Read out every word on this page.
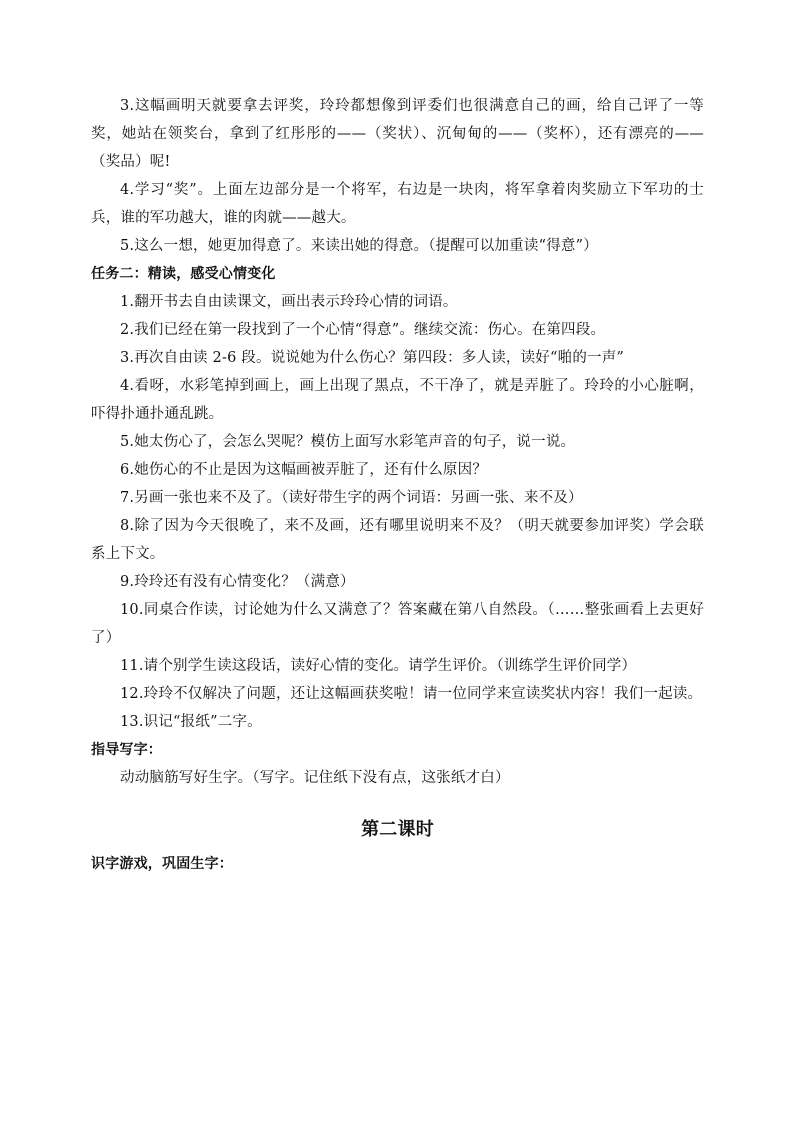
3.这幅画明天就要拿去评奖，玲玲都想像到评委们也很满意自己的画，给自己评了一等奖，她站在领奖台，拿到了红彤彤的——（奖状）、沉甸甸的——（奖杯），还有漂亮的——（奖品）呢!

4.学习“奖”。上面左边部分是一个将军，右边是一块肉，将军拿着肉奖励立下军功的士兵，谁的军功越大，谁的肉就——越大。

5.这么一想，她更加得意了。来读出她的得意。（提醒可以加重读“得意”）

任务二：精读，感受心情变化

1.翻开书去自由读课文，画出表示玲玲心情的词语。

2.我们已经在第一段找到了一个心情“得意”。继续交流：伤心。在第四段。

3.再次自由读 2-6 段。说说她为什么伤心？第四段：多人读，读好“啪的一声”

4.看呀，水彩笔掉到画上，画上出现了黑点，不干净了，就是弄脏了。玲玲的小心脏啊，吓得扑通扑通乱跳。

5.她太伤心了，会怎么哭呢？模仿上面写水彩笔声音的句子，说一说。

6.她伤心的不止是因为这幅画被弄脏了，还有什么原因？

7.另画一张也来不及了。（读好带生字的两个词语：另画一张、来不及）

8.除了因为今天很晚了，来不及画，还有哪里说明来不及？（明天就要参加评奖）学会联系上下文。

9.玲玲还有没有心情变化？（满意）

10.同桌合作读，讨论她为什么又满意了？答案藏在第八自然段。（……整张画看上去更好了）

11.请个别学生读这段话，读好心情的变化。请学生评价。（训练学生评价同学）

12.玲玲不仅解决了问题，还让这幅画获奖啦！请一位同学来宣读奖状内容！我们一起读。

13.识记“报纸”二字。

指导写字：

动动脑筋写好生字。（写字。记住纸下没有点，这张纸才白）

第二课时

识字游戏，巩固生字：
